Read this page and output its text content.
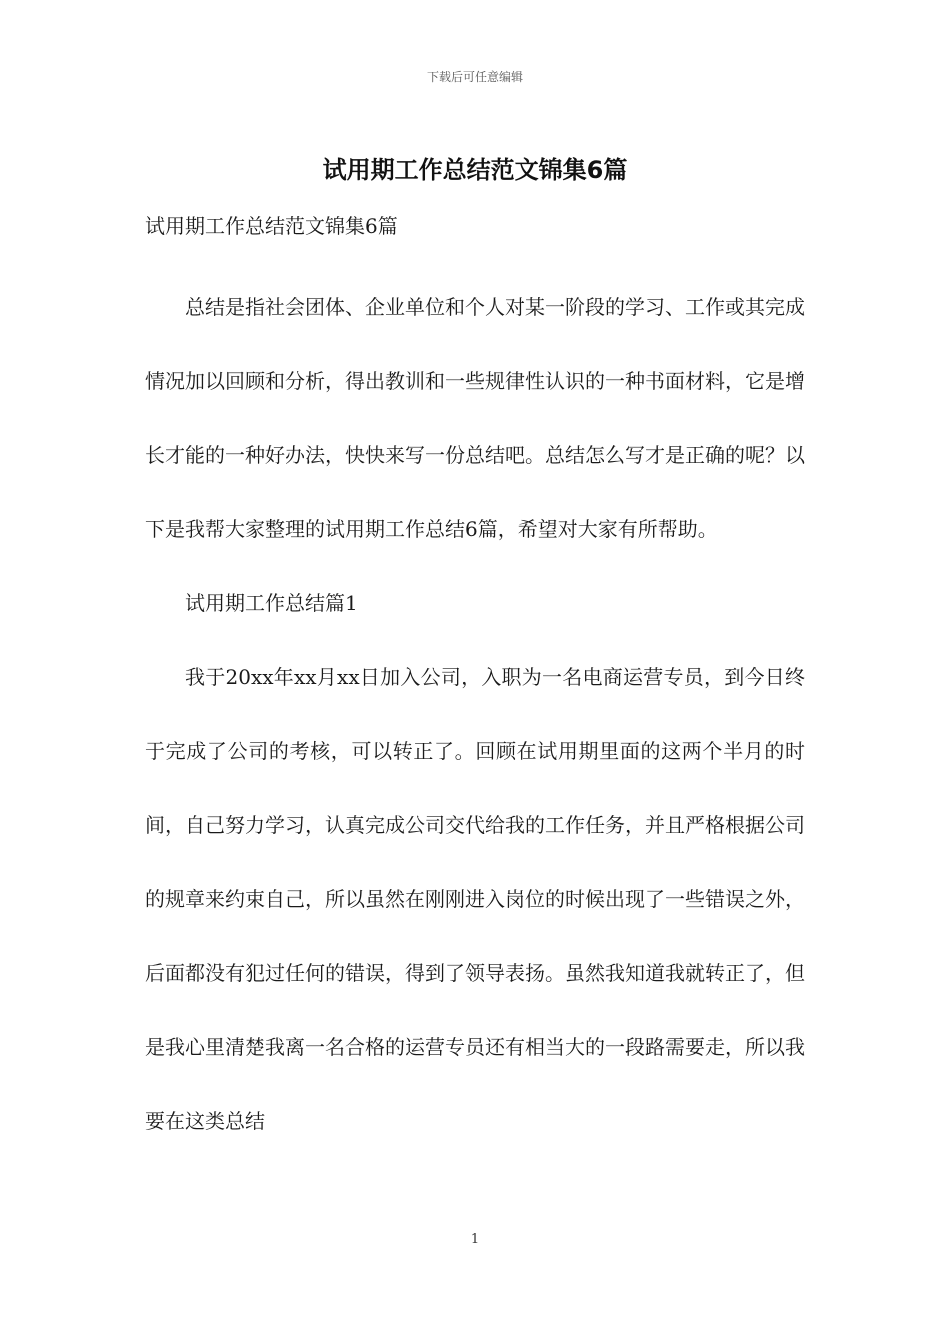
下载后可任意编辑
试用期工作总结范文锦集6篇

试用期工作总结范文锦集6篇

总结是指社会团体、企业单位和个人对某一阶段的学习、工作或其完成情况加以回顾和分析，得出教训和一些规律性认识的一种书面材料，它是增长才能的一种好办法，快快来写一份总结吧。总结怎么写才是正确的呢？以下是我帮大家整理的试用期工作总结6篇，希望对大家有所帮助。

试用期工作总结篇1

我于20xx年xx月xx日加入公司，入职为一名电商运营专员，到今日终于完成了公司的考核，可以转正了。回顾在试用期里面的这两个半月的时间，自己努力学习，认真完成公司交代给我的工作任务，并且严格根据公司的规章来约束自己，所以虽然在刚刚进入岗位的时候出现了一些错误之外，后面都没有犯过任何的错误，得到了领导表扬。虽然我知道我就转正了，但是我心里清楚我离一名合格的运营专员还有相当大的一段路需要走，所以我要在这类总结

1
